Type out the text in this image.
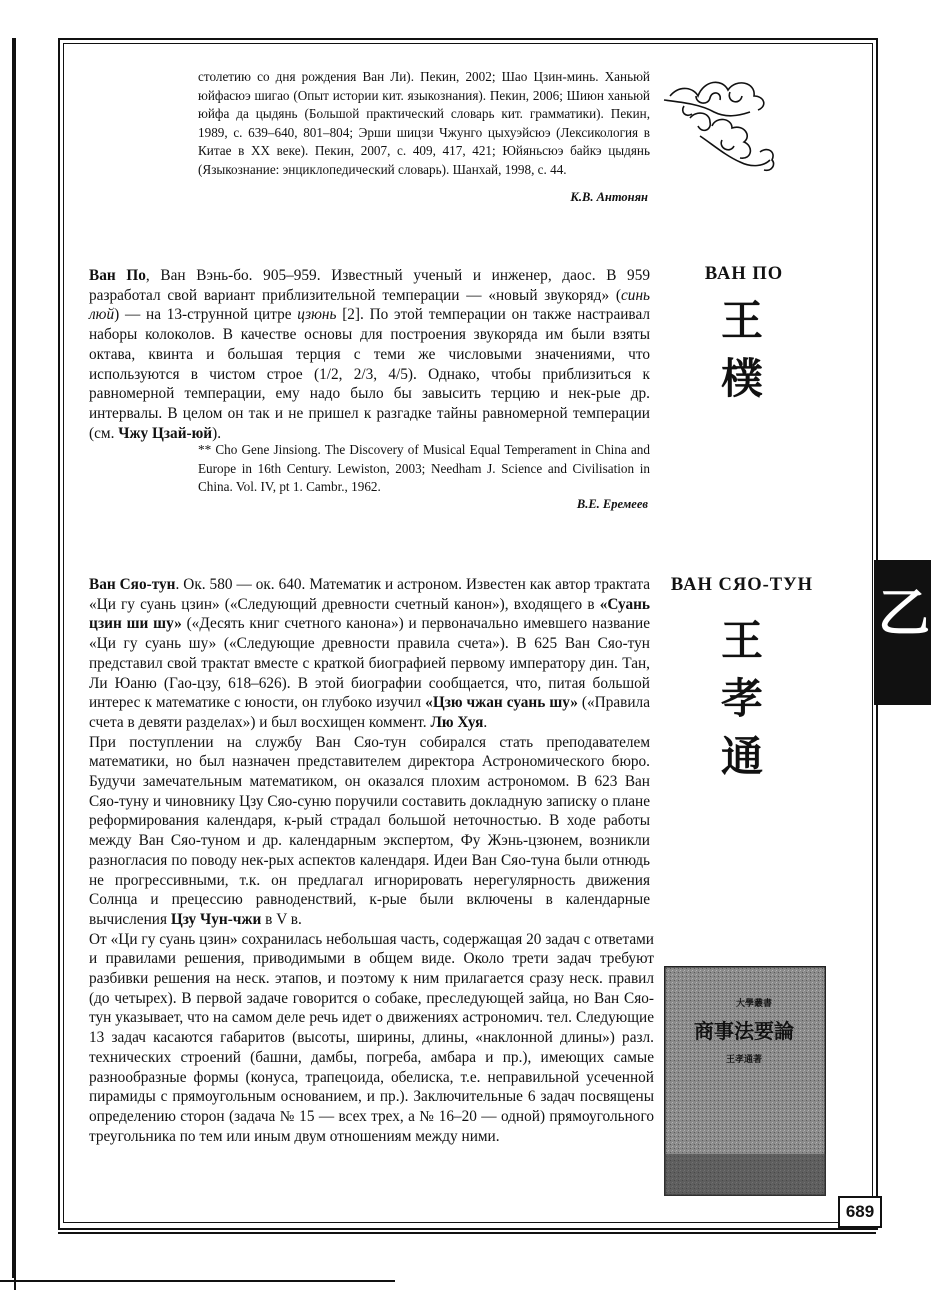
乙
столетию со дня рождения Ван Ли). Пекин, 2002; Шао Цзин-минь. Ханьюй юйфасюэ шигао (Опыт истории кит. языкознания). Пекин, 2006; Шиюн ханьюй юйфа да цыдянь (Большой практический словарь кит. грамматики). Пекин, 1989, с. 639–640, 801–804; Эрши шицзи Чжунго цыхуэйсюэ (Лексикология в Китае в XX веке). Пекин, 2007, с. 409, 417, 421; Юйяньсюэ байкэ цыдянь (Языкознание: энциклопедический словарь). Шанхай, 1998, с. 44.
К.В. Антонян
ВАН ПО
王
樸

Ван По, Ван Вэнь-бо. 905–959. Известный ученый и инженер, даос. В 959 разработал свой вариант приблизительной темперации — «новый звукоряд» (синь люй) — на 13-струнной цитре цзюнь [2]. По этой темперации он также настраивал наборы колоколов. В качестве основы для построения звукоряда им были взяты октава, квинта и большая терция с теми же числовыми значениями, что используются в чистом строе (1/2, 2/3, 4/5). Однако, чтобы приблизиться к равномерной темперации, ему надо было бы завысить терцию и нек-рые др. интервалы. В целом он так и не пришел к разгадке тайны равномерной темперации (см. Чжу Цзай-юй).

** Cho Gene Jinsiong. The Discovery of Musical Equal Temperament in China and Europe in 16th Century. Lewiston, 2003; Needham J. Science and Civilisation in China. Vol. IV, pt 1. Cambr., 1962.
В.Е. Еремеев
ВАН СЯО-ТУН
王
孝
通

Ван Сяо-тун. Ок. 580 — ок. 640. Математик и астроном. Известен как автор трактата «Ци гу суань цзин» («Следующий древности счетный канон»), входящего в «Суань цзин ши шу» («Десять книг счетного канона») и первоначально имевшего название «Ци гу суань шу» («Следующие древности правила счета»). В 625 Ван Сяо-тун представил свой трактат вместе с краткой биографией первому императору дин. Тан, Ли Юаню (Гао-цзу, 618–626). В этой биографии сообщается, что, питая большой интерес к математике с юности, он глубоко изучил «Цзю чжан суань шу» («Правила счета в девяти разделах») и был восхищен коммент. Лю Хуя.

При поступлении на службу Ван Сяо-тун собирался стать преподавателем математики, но был назначен представителем директора Астрономического бюро. Будучи замечательным математиком, он оказался плохим астрономом. В 623 Ван Сяо-туну и чиновнику Цзу Сяо-суню поручили составить докладную записку о плане реформирования календаря, к-рый страдал большой неточностью. В ходе работы между Ван Сяо-туном и др. календарным экспертом, Фу Жэнь-цзюнем, возникли разногласия по поводу нек-рых аспектов календаря. Идеи Ван Сяо-туна были отнюдь не прогрессивными, т.к. он предлагал игнорировать нерегулярность движения Солнца и прецессию равноденствий, к-рые были включены в календарные вычисления Цзу Чун-чжи в V в.

От «Ци гу суань цзин» сохранилась небольшая часть, содержащая 20 задач с ответами и правилами решения, приводимыми в общем виде. Около трети задач требуют разбивки решения на неск. этапов, и поэтому к ним прилагается сразу неск. правил (до четырех). В первой задаче говорится о собаке, преследующей зайца, но Ван Сяо-тун указывает, что на самом деле речь идет о движениях астрономич. тел. Следующие 13 задач касаются габаритов (высоты, ширины, длины, «наклонной длины») разл. технических строений (башни, дамбы, погреба, амбара и пр.), имеющих самые разнообразные формы (конуса, трапецоида, обелиска, т.е. неправильной усеченной пирамиды с прямоугольным основанием, и пр.). Заключительные 6 задач посвящены определению сторон (задача № 15 — всех трех, а № 16–20 — одной) прямоугольного треугольника по тем или иным двум отношениям между ними.

大學叢書
商事法要論
王孝通著
689
